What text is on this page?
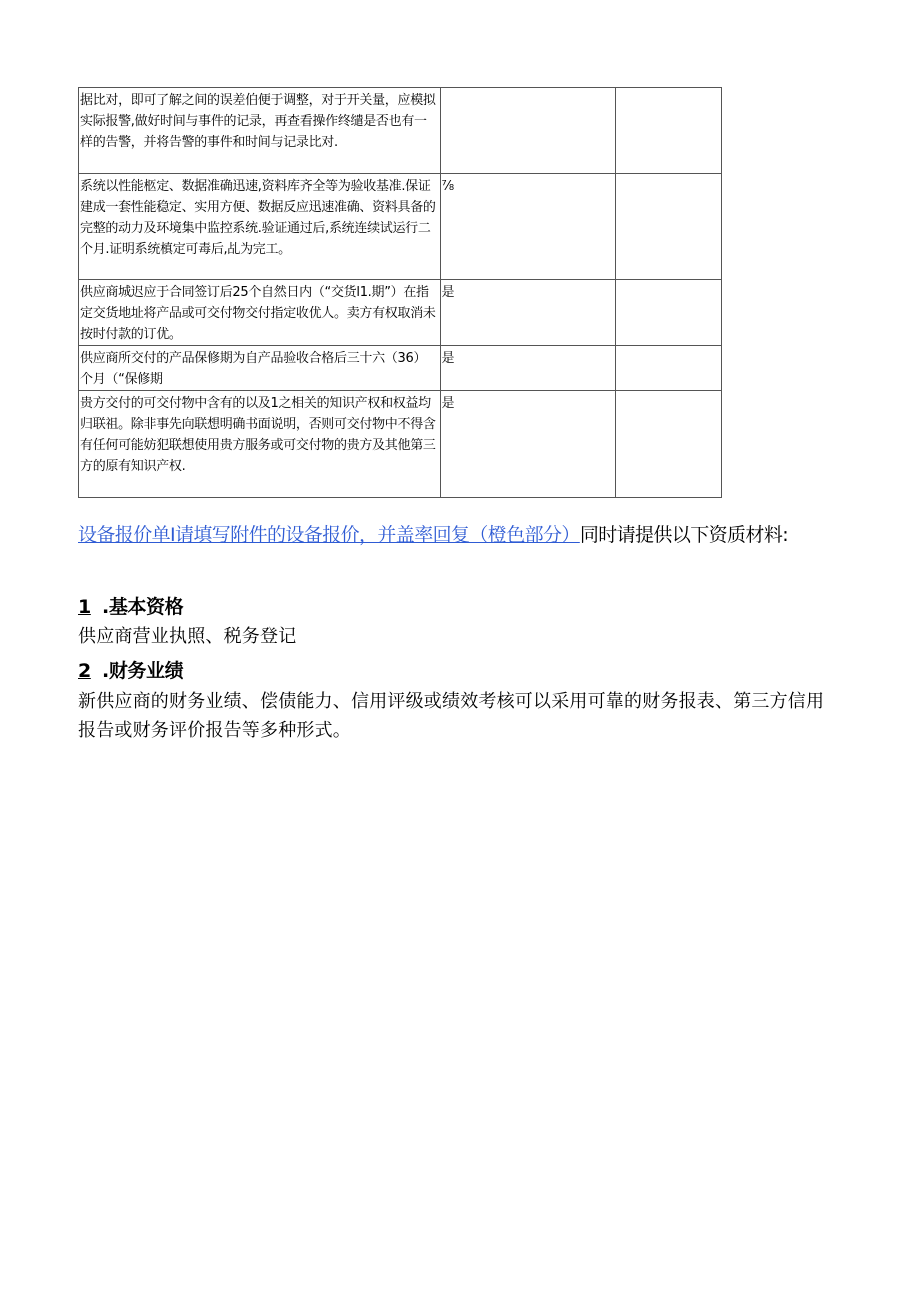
据比对，即可了解之间的误差伯便于调整，对于开关量，应模拟实际报警,做好时间与事件的记录，再查看操作终缱是否也有一样的告警，并将告警的事件和时间与记录比对.		
系统以性能柩定、数据准确迅速,资料库齐全等为验收基准.保证建成一套性能稳定、实用方便、数据反应迅速准确、资料具备的完整的动力及环境集中监控系统.验证通过后,系统连续试运行二个月.证明系统槙定可毒后,乩为完工。	⅞	
供应商城迟应于合同签订后25个自然日内（“交货l1.期”）在指定交货地址将产品或可交付物交付指定收优人。卖方有权取消未按时付款的订优。	是	
供应商所交付的产品保修期为自产品验收合格后三十六（36）个月（“保修期	是	
贵方交付的可交付物中含有的以及1之相关的知识产权和权益均归联祖。除非事先向联想明确书面说明，否则可交付物中不得含有任何可能妨犯联想使用贵方服务或可交付物的贵方及其他第三方的原有知识产权.	是	

设备报价单I请填写附件的设备报价，并盖率回复（橙色部分）同时请提供以下资质材料:

1 .基本资格

供应商营业执照、税务登记

2 .财务业绩

新供应商的财务业绩、偿债能力、信用评级或绩效考核可以采用可靠的财务报表、第三方信用报告或财务评价报告等多种形式。
